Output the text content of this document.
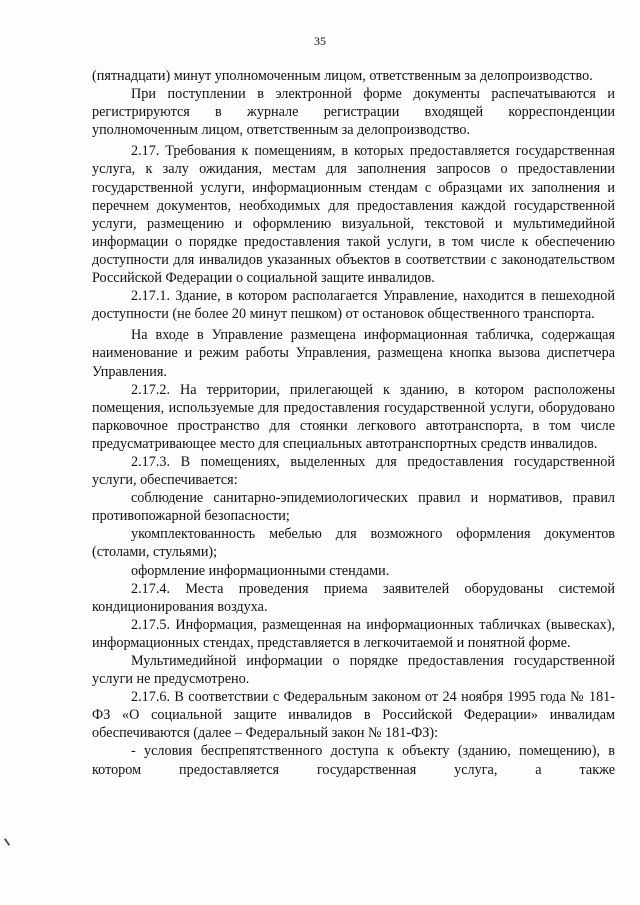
35

(пятнадцати) минут уполномоченным лицом, ответственным за делопроизводство.

При поступлении в электронной форме документы распечатываются и регистрируются в журнале регистрации входящей корреспонденции уполномоченным лицом, ответственным за делопроизводство.

2.17. Требования к помещениям, в которых предоставляется государственная услуга, к залу ожидания, местам для заполнения запросов о предоставлении государственной услуги, информационным стендам с образцами их заполнения и перечнем документов, необходимых для предоставления каждой государственной услуги, размещению и оформлению визуальной, текстовой и мультимедийной информации о порядке предоставления такой услуги, в том числе к обеспечению доступности для инвалидов указанных объектов в соответствии с законодательством Российской Федерации о социальной защите инвалидов.

2.17.1. Здание, в котором располагается Управление, находится в пешеходной доступности (не более 20 минут пешком) от остановок общественного транспорта.

На входе в Управление размещена информационная табличка, содержащая наименование и режим работы Управления, размещена кнопка вызова диспетчера Управления.

2.17.2. На территории, прилегающей к зданию, в котором расположены помещения, используемые для предоставления государственной услуги, оборудовано парковочное пространство для стоянки легкового автотранспорта, в том числе предусматривающее место для специальных автотранспортных средств инвалидов.

2.17.3. В помещениях, выделенных для предоставления государственной услуги, обеспечивается:

соблюдение санитарно-эпидемиологических правил и нормативов, правил противопожарной безопасности;

укомплектованность мебелью для возможного оформления документов (столами, стульями);

оформление информационными стендами.

2.17.4. Места проведения приема заявителей оборудованы системой кондиционирования воздуха.

2.17.5. Информация, размещенная на информационных табличках (вывесках), информационных стендах, представляется в легкочитаемой и понятной форме.

Мультимедийной информации о порядке предоставления государственной услуги не предусмотрено.

2.17.6. В соответствии с Федеральным законом от 24 ноября 1995 года № 181-ФЗ «О социальной защите инвалидов в Российской Федерации» инвалидам обеспечиваются (далее – Федеральный закон № 181-ФЗ):

- условия беспрепятственного доступа к объекту (зданию, помещению), в котором предоставляется государственная услуга, а также
